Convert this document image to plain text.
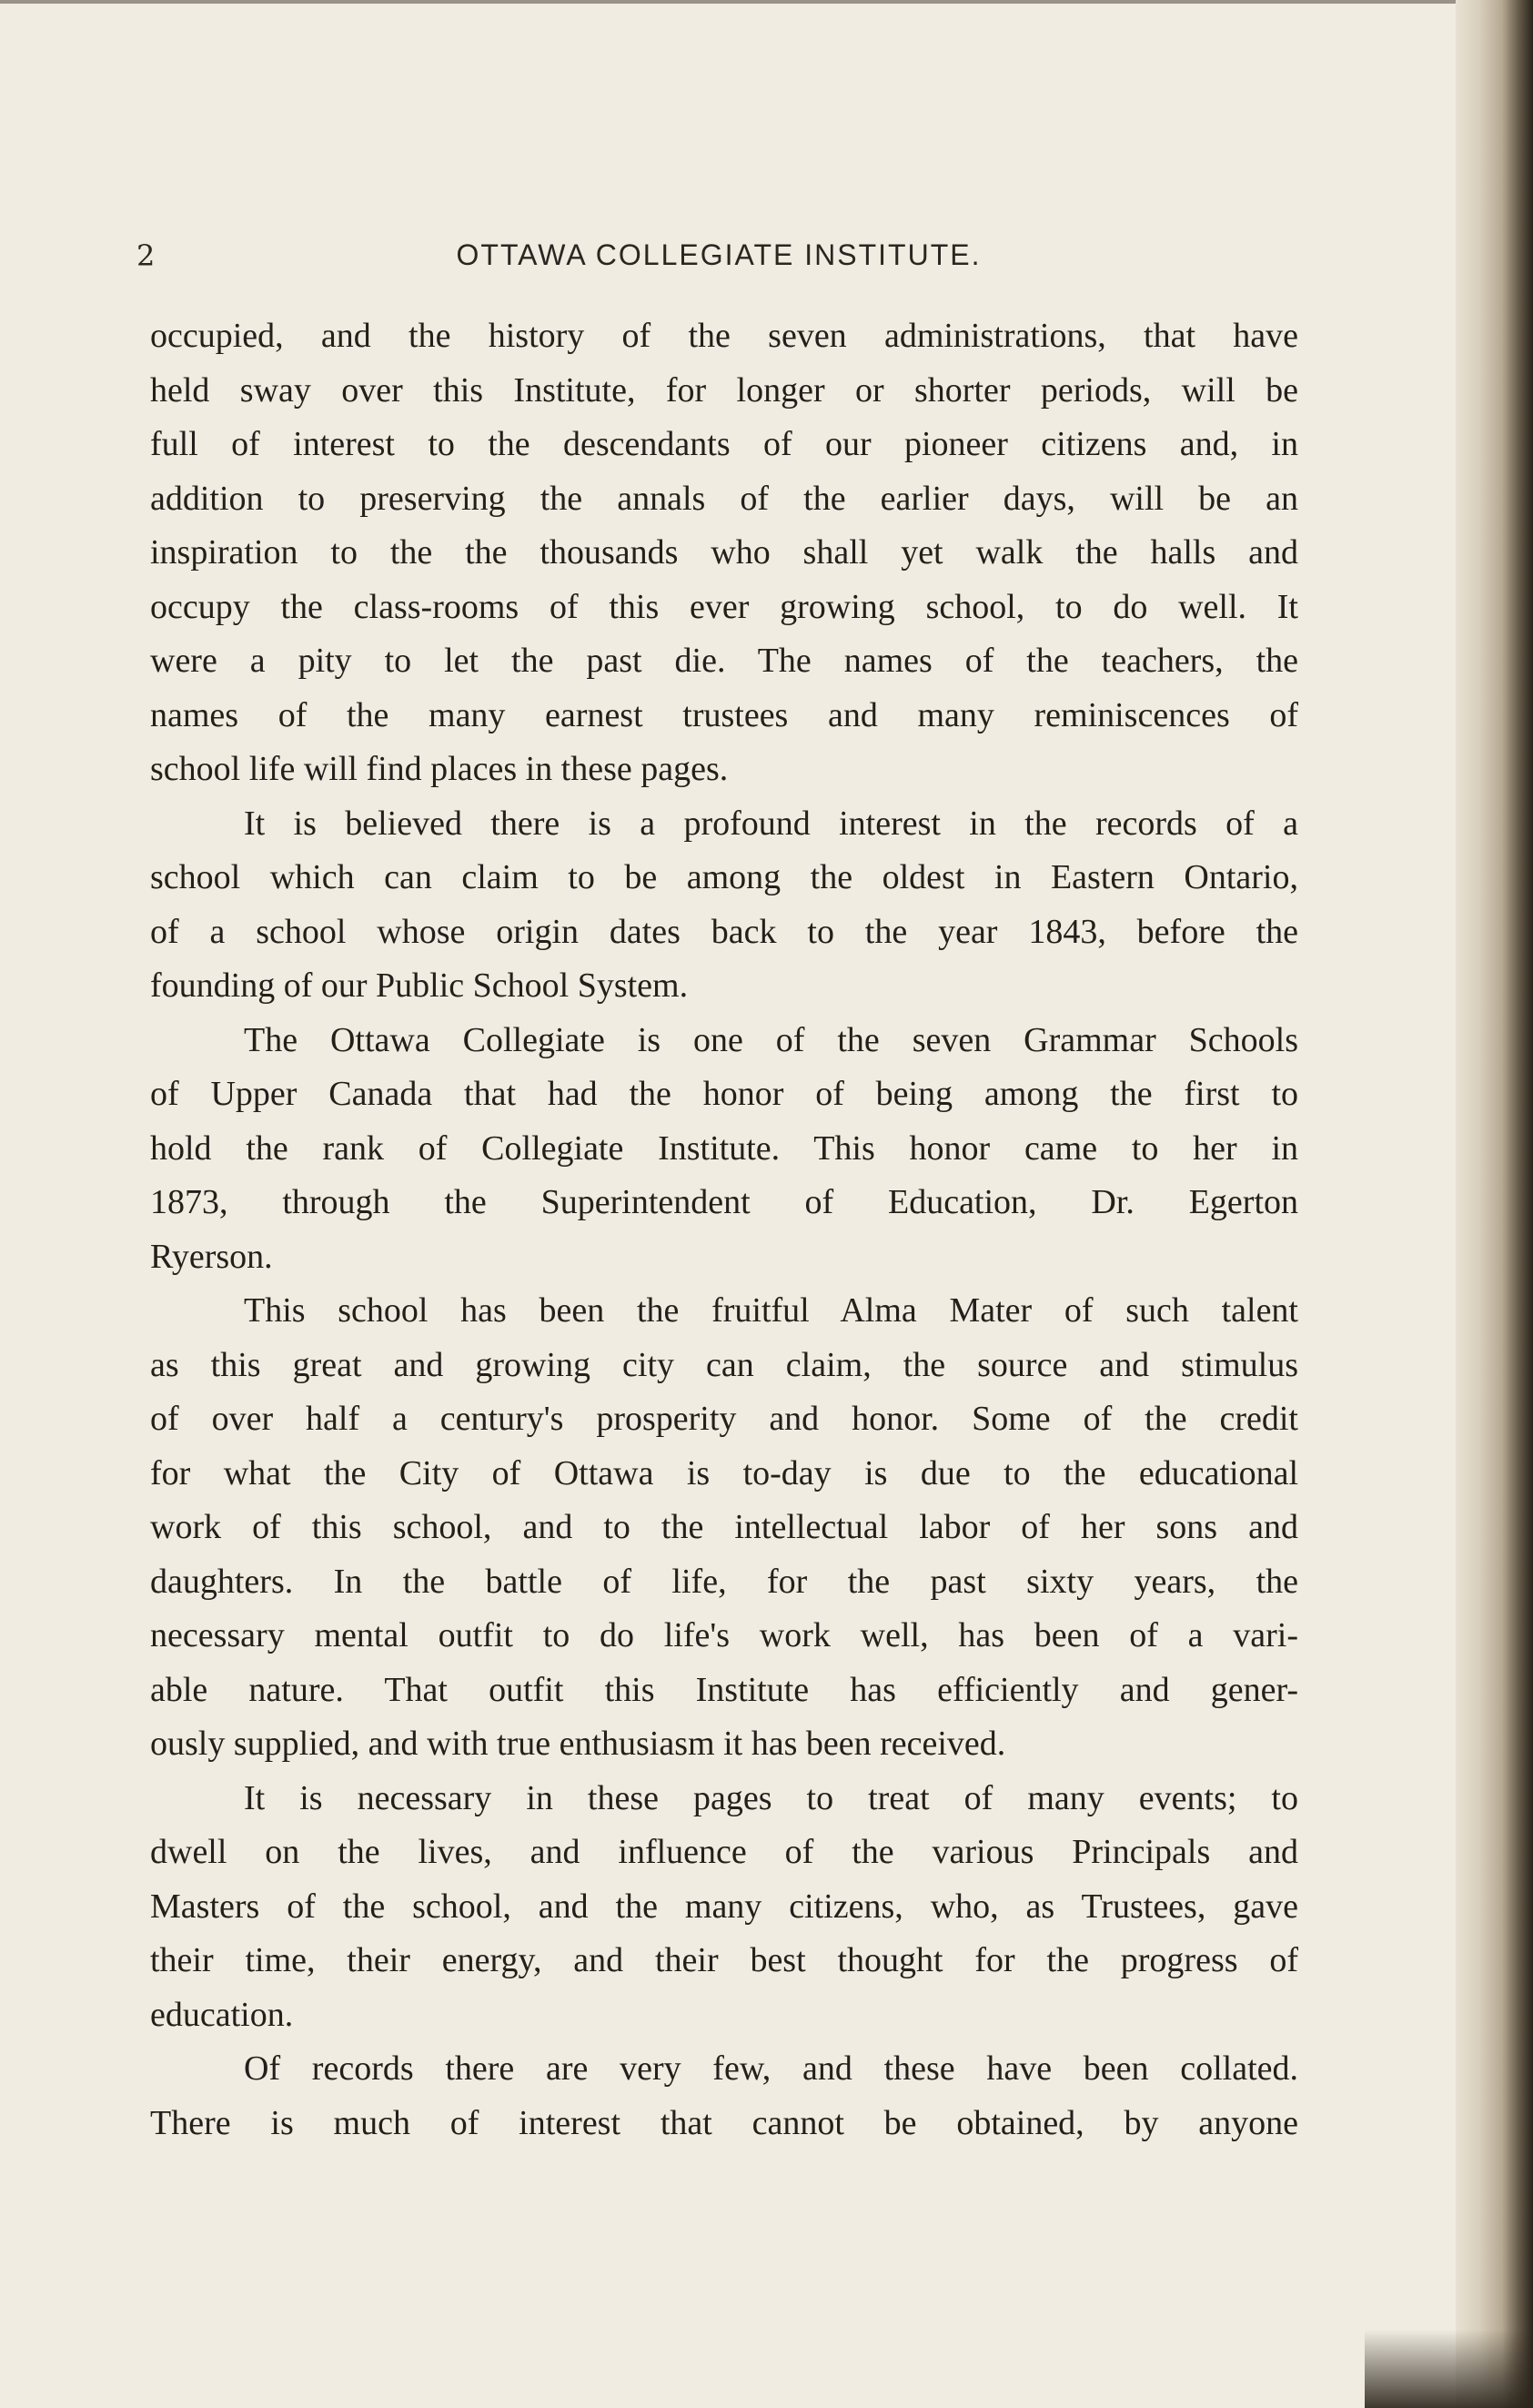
2	OTTAWA COLLEGIATE INSTITUTE.
occupied, and the history of the seven administrations, that have
held sway over this Institute, for longer or shorter periods, will be
full of interest to the descendants of our pioneer citizens and, in
addition to preserving the annals of the earlier days, will be an
inspiration to the the thousands who shall yet walk the halls and
occupy the class-rooms of this ever growing school, to do well. It
were a pity to let the past die. The names of the teachers, the
names of the many earnest trustees and many reminiscences of
school life will find places in these pages.
It is believed there is a profound interest in the records of a
school which can claim to be among the oldest in Eastern Ontario,
of a school whose origin dates back to the year 1843, before the
founding of our Public School System.
The Ottawa Collegiate is one of the seven Grammar Schools
of Upper Canada that had the honor of being among the first to
hold the rank of Collegiate Institute. This honor came to her in
1873, through the Superintendent of Education, Dr. Egerton
Ryerson.
This school has been the fruitful Alma Mater of such talent
as this great and growing city can claim, the source and stimulus
of over half a century's prosperity and honor. Some of the credit
for what the City of Ottawa is to-day is due to the educational
work of this school, and to the intellectual labor of her sons and
daughters. In the battle of life, for the past sixty years, the
necessary mental outfit to do life's work well, has been of a vari-
able nature. That outfit this Institute has efficiently and gener-
ously supplied, and with true enthusiasm it has been received.
It is necessary in these pages to treat of many events; to
dwell on the lives, and influence of the various Principals and
Masters of the school, and the many citizens, who, as Trustees, gave
their time, their energy, and their best thought for the progress of
education.
Of records there are very few, and these have been collated.
There is much of interest that cannot be obtained, by anyone
